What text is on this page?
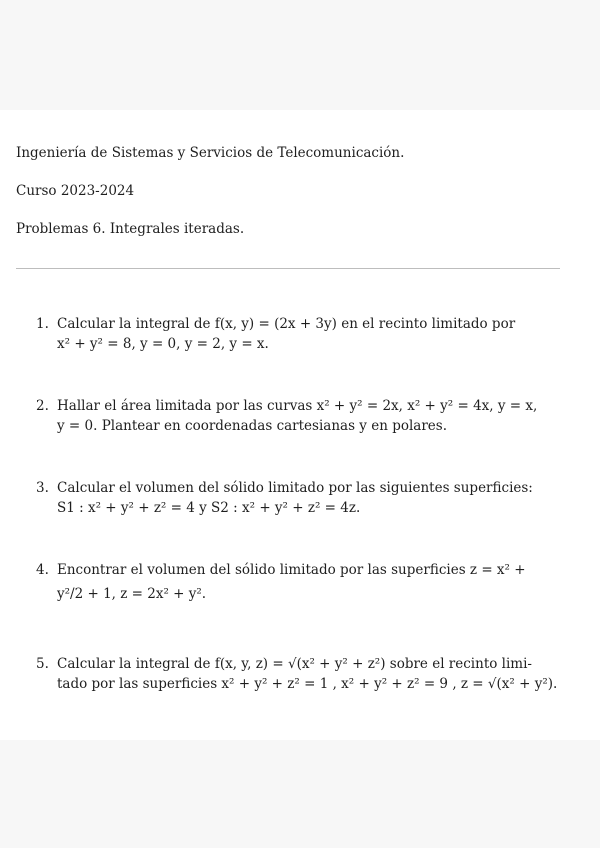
Ingeniería de Sistemas y Servicios de Telecomunicación.

Curso 2023-2024

Problemas 6. Integrales iteradas.

1. Calcular la integral de f(x, y) = (2x + 3y) en el recinto limitado por
x² + y² = 8, y = 0, y = 2, y = x.
2. Hallar el área limitada por las curvas x² + y² = 2x, x² + y² = 4x, y = x,
y = 0. Plantear en coordenadas cartesianas y en polares.
3. Calcular el volumen del sólido limitado por las siguientes superficies:
S1 : x² + y² + z² = 4 y S2 : x² + y² + z² = 4z.
4. Encontrar el volumen del sólido limitado por las superficies z = x² +
y²/2 + 1, z = 2x² + y².
5. Calcular la integral de f(x, y, z) = √(x² + y² + z²) sobre el recinto limi-
tado por las superficies x² + y² + z² = 1 , x² + y² + z² = 9 , z = √(x² + y²).
